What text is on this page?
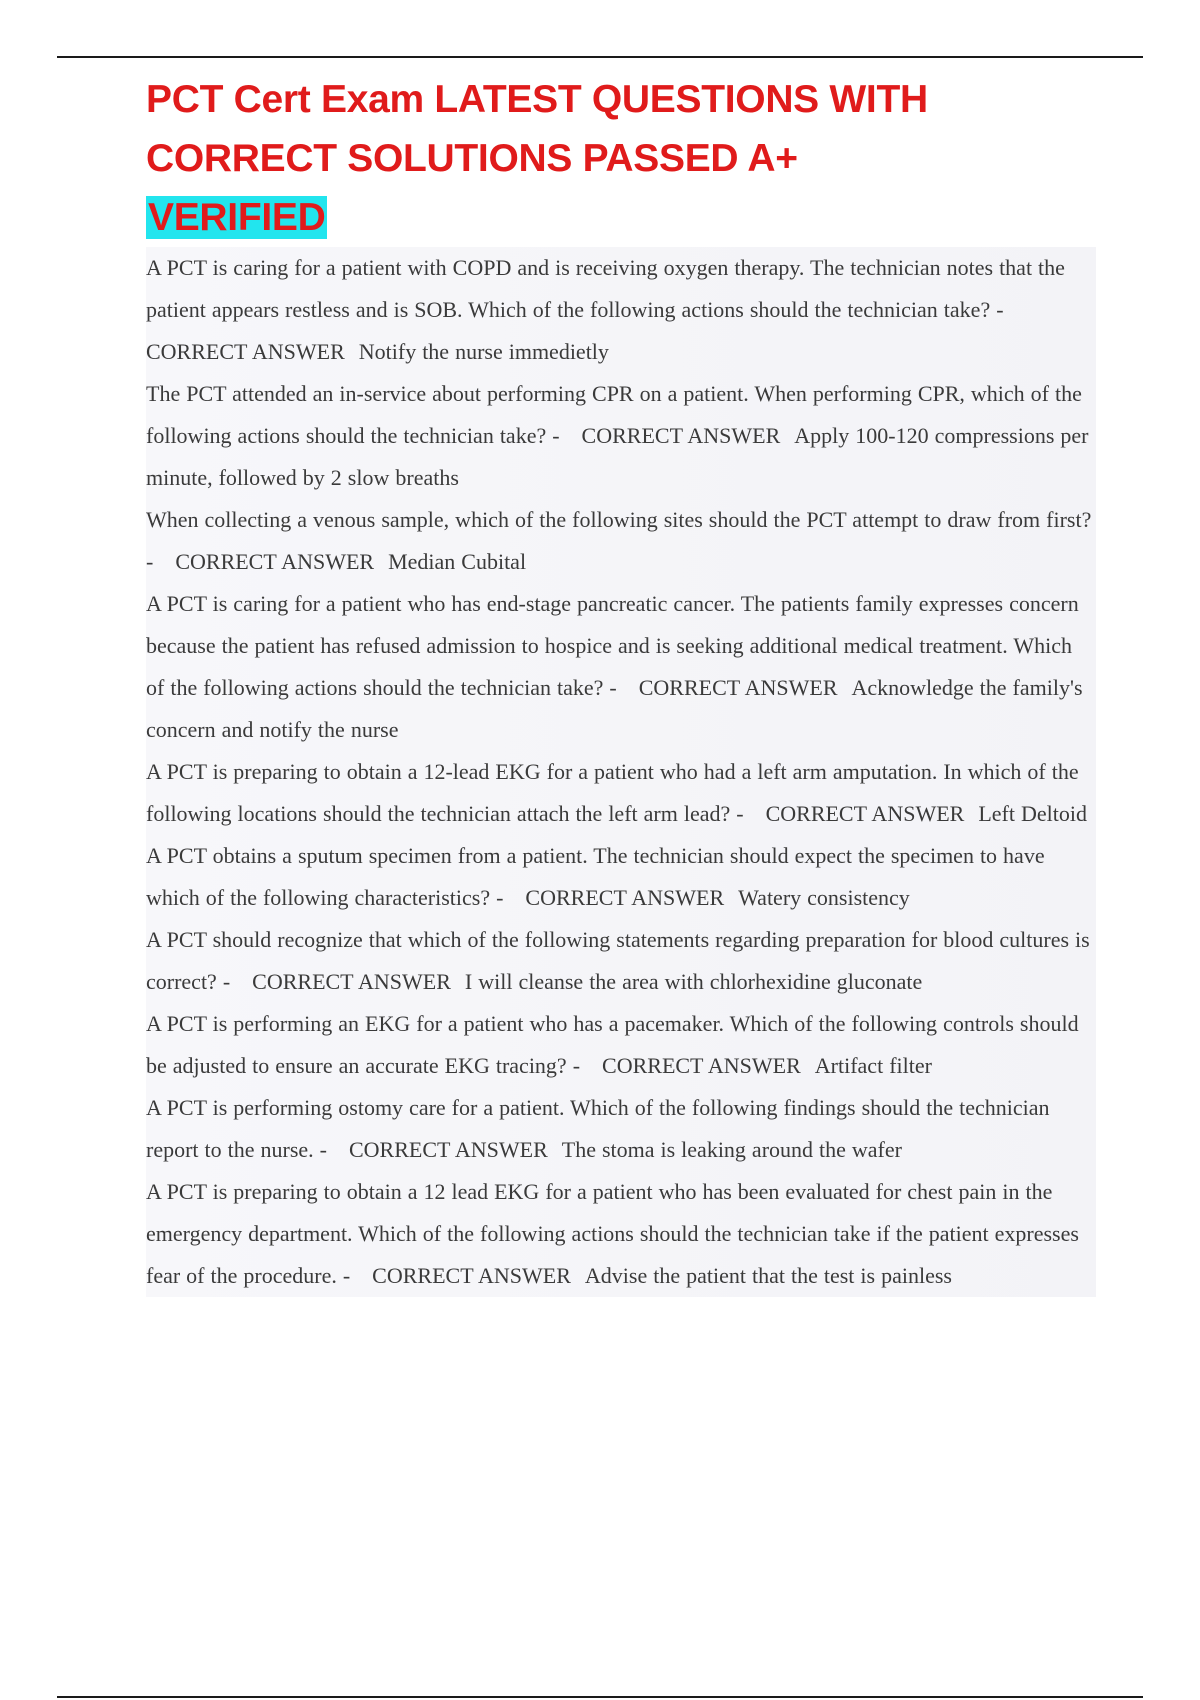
PCT Cert Exam LATEST QUESTIONS WITH
CORRECT SOLUTIONS PASSED A+
VERIFIED

A PCT is caring for a patient with COPD and is receiving oxygen therapy. The technician notes that the patient appears restless and is SOB. Which of the following actions should the technician take? -CORRECT ANSWER Notify the nurse immedietly

The PCT attended an in-service about performing CPR on a patient. When performing CPR, which of the following actions should the technician take? - CORRECT ANSWER Apply 100-120 compressions per minute, followed by 2 slow breaths

When collecting a venous sample, which of the following sites should the PCT attempt to draw from first? - CORRECT ANSWER Median Cubital

A PCT is caring for a patient who has end-stage pancreatic cancer. The patients family expresses concern because the patient has refused admission to hospice and is seeking additional medical treatment. Which of the following actions should the technician take? - CORRECT ANSWER Acknowledge the family's concern and notify the nurse

A PCT is preparing to obtain a 12-lead EKG for a patient who had a left arm amputation. In which of the following locations should the technician attach the left arm lead? - CORRECT ANSWER Left Deltoid

A PCT obtains a sputum specimen from a patient. The technician should expect the specimen to have which of the following characteristics? - CORRECT ANSWER Watery consistency

A PCT should recognize that which of the following statements regarding preparation for blood cultures is correct? - CORRECT ANSWER I will cleanse the area with chlorhexidine gluconate

A PCT is performing an EKG for a patient who has a pacemaker. Which of the following controls should be adjusted to ensure an accurate EKG tracing? - CORRECT ANSWER Artifact filter

A PCT is performing ostomy care for a patient. Which of the following findings should the technician report to the nurse. - CORRECT ANSWER The stoma is leaking around the wafer

A PCT is preparing to obtain a 12 lead EKG for a patient who has been evaluated for chest pain in the emergency department. Which of the following actions should the technician take if the patient expresses fear of the procedure. - CORRECT ANSWER Advise the patient that the test is painless
